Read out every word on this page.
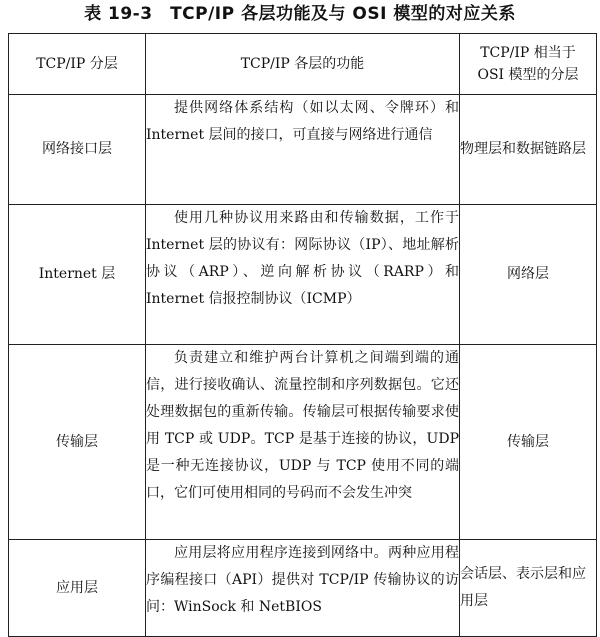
表 19-3　TCP/IP 各层功能及与 OSI 模型的对应关系
TCP/IP 分层	TCP/IP 各层的功能	TCP/IP 相当于 OSI 模型的分层
网络接口层	提供网络体系结构（如以太网、令牌环）和 Internet 层间的接口，可直接与网络进行通信	物理层和数据链路层
Internet 层	使用几种协议用来路由和传输数据，工作于 Internet 层的协议有：网际协议（IP）、地址解析协议（ARP）、逆向解析协议（RARP）和 Internet 信报控制协议（ICMP）	网络层
传输层	负责建立和维护两台计算机之间端到端的通信，进行接收确认、流量控制和序列数据包。它还处理数据包的重新传输。传输层可根据传输要求使用 TCP 或 UDP。TCP 是基于连接的协议，UDP 是一种无连接协议，UDP 与 TCP 使用不同的端口，它们可使用相同的号码而不会发生冲突	传输层
应用层	应用层将应用程序连接到网络中。两种应用程序编程接口（API）提供对 TCP/IP 传输协议的访问：WinSock 和 NetBIOS	会话层、表示层和应用层
